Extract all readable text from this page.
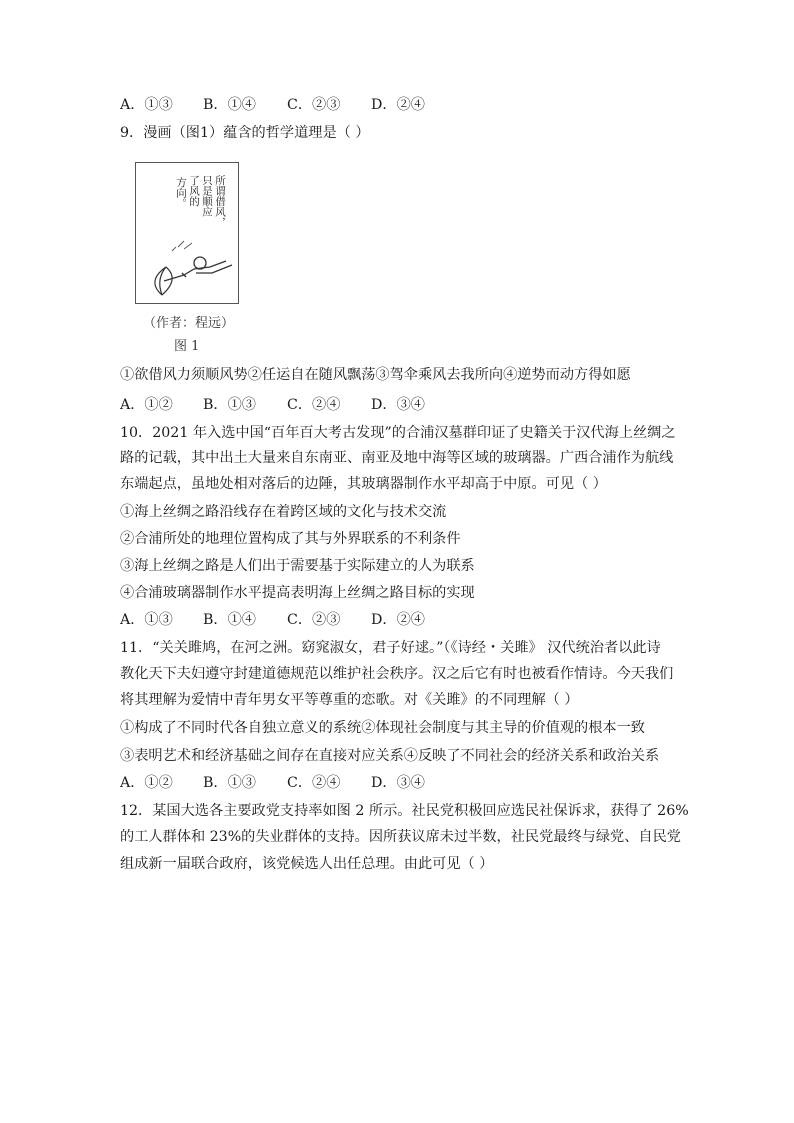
A．①③ B．①④ C．②③ D．②④

9．漫画（图1）蕴含的哲学道理是（ ）

所谓借风，
只是顺应
了风的
方向。
（作者：程远）
图 1

①欲借风力须顺风势②任运自在随风飘荡③驾伞乘风去我所向④逆势而动方得如愿

A．①② B．①③ C．②④ D．③④

10．2021 年入选中国“百年百大考古发现”的合浦汉墓群印证了史籍关于汉代海上丝绸之

路的记载，其中出土大量来自东南亚、南亚及地中海等区域的玻璃器。广西合浦作为航线

东端起点，虽地处相对落后的边陲，其玻璃器制作水平却高于中原。可见（ ）

①海上丝绸之路沿线存在着跨区域的文化与技术交流

②合浦所处的地理位置构成了其与外界联系的不利条件

③海上丝绸之路是人们出于需要基于实际建立的人为联系

④合浦玻璃器制作水平提高表明海上丝绸之路目标的实现

A．①③ B．①④ C．②③ D．②④

11．“关关雎鸠，在河之洲。窈窕淑女，君子好逑。”（《诗经・关雎》 汉代统治者以此诗

教化天下夫妇遵守封建道德规范以维护社会秩序。汉之后它有时也被看作情诗。今天我们

将其理解为爱情中青年男女平等尊重的恋歌。对《关雎》的不同理解（ ）

①构成了不同时代各自独立意义的系统②体现社会制度与其主导的价值观的根本一致

③表明艺术和经济基础之间存在直接对应关系④反映了不同社会的经济关系和政治关系

A．①② B．①③ C．②④ D．③④

12．某国大选各主要政党支持率如图 2 所示。社民党积极回应选民社保诉求，获得了 26%

的工人群体和 23%的失业群体的支持。因所获议席未过半数，社民党最终与绿党、自民党

组成新一届联合政府，该党候选人出任总理。由此可见（ ）
